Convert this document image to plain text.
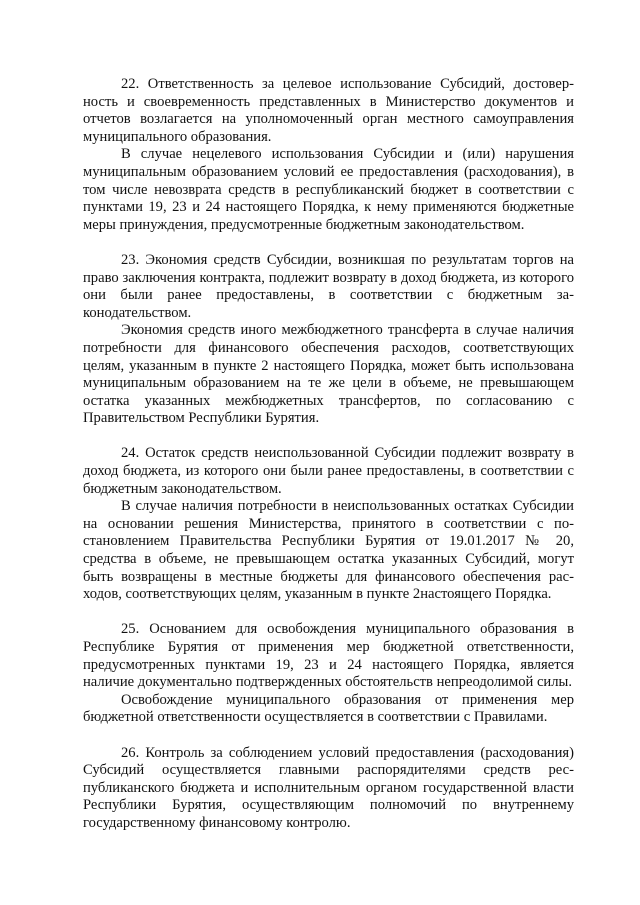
22. Ответственность за целевое использование Субсидий, достоверность и своевременность представленных в Министерство документов и отчетов возлагается на уполномоченный орган местного самоуправления муниципального образования.

В случае нецелевого использования Субсидии и (или) нарушения муниципальным образованием условий ее предоставления (расходования), в том числе невозврата средств в республиканский бюджет в соответствии с пунктами 19, 23 и 24 настоящего Порядка, к нему применяются бюджетные меры принуждения, предусмотренные бюджетным законодательством.

23. Экономия средств Субсидии, возникшая по результатам торгов на право заключения контракта, подлежит возврату в доход бюджета, из которого они были ранее предоставлены, в соответствии с бюджетным законодательством.

Экономия средств иного межбюджетного трансферта в случае наличия потребности для финансового обеспечения расходов, соответствующих целям, указанным в пункте 2 настоящего Порядка, может быть использована муниципальным образованием на те же цели в объеме, не превышающем остатка указанных межбюджетных трансфертов, по согласованию с Правительством Республики Бурятия.

24. Остаток средств неиспользованной Субсидии подлежит возврату в доход бюджета, из которого они были ранее предоставлены, в соответствии с бюджетным законодательством.

В случае наличия потребности в неиспользованных остатках Субсидии на основании решения Министерства, принятого в соответствии с постановлением Правительства Республики Бурятия от 19.01.2017 № 20, средства в объеме, не превышающем остатка указанных Субсидий, могут быть возвращены в местные бюджеты для финансового обеспечения расходов, соответствующих целям, указанным в пункте 2настоящего Порядка.

25. Основанием для освобождения муниципального образования в Республике Бурятия от применения мер бюджетной ответственности, предусмотренных пунктами 19, 23 и 24 настоящего Порядка, является наличие документально подтвержденных обстоятельств непреодолимой силы.

Освобождение муниципального образования от применения мер бюджетной ответственности осуществляется в соответствии с Правилами.

26. Контроль за соблюдением условий предоставления (расходования) Субсидий осуществляется главными распорядителями средств республиканского бюджета и исполнительным органом государственной власти Республики Бурятия, осуществляющим полномочий по внутреннему государственному финансовому контролю.
